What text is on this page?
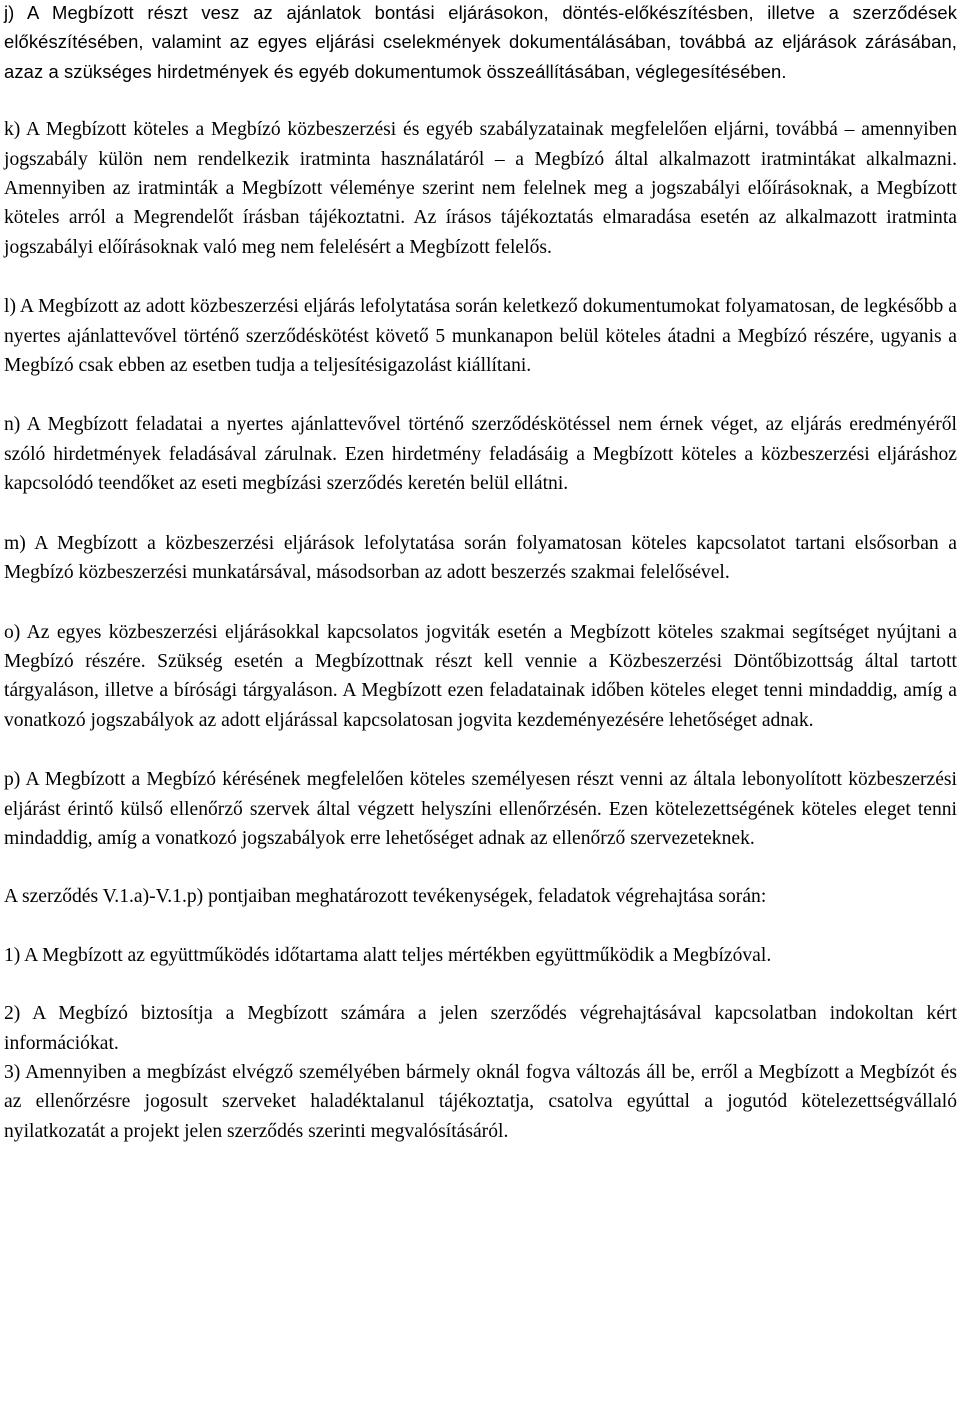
j) A Megbízott részt vesz az ajánlatok bontási eljárásokon, döntés-előkészítésben, illetve a szerződések előkészítésében, valamint az egyes eljárási cselekmények dokumentálásában, továbbá az eljárások zárásában, azaz a szükséges hirdetmények és egyéb dokumentumok összeállításában, véglegesítésében.

k) A Megbízott köteles a Megbízó közbeszerzési és egyéb szabályzatainak megfelelően eljárni, továbbá – amennyiben jogszabály külön nem rendelkezik iratminta használatáról – a Megbízó által alkalmazott iratmintákat alkalmazni. Amennyiben az iratminták a Megbízott véleménye szerint nem felelnek meg a jogszabályi előírásoknak, a Megbízott köteles arról a Megrendelőt írásban tájékoztatni. Az írásos tájékoztatás elmaradása esetén az alkalmazott iratminta jogszabályi előírásoknak való meg nem felelésért a Megbízott felelős.

l) A Megbízott az adott közbeszerzési eljárás lefolytatása során keletkező dokumentumokat folyamatosan, de legkésőbb a nyertes ajánlattevővel történő szerződéskötést követő 5 munkanapon belül köteles átadni a Megbízó részére, ugyanis a Megbízó csak ebben az esetben tudja a teljesítésigazolást kiállítani.

n) A Megbízott feladatai a nyertes ajánlattevővel történő szerződéskötéssel nem érnek véget, az eljárás eredményéről szóló hirdetmények feladásával zárulnak. Ezen hirdetmény feladásáig a Megbízott köteles a közbeszerzési eljáráshoz kapcsolódó teendőket az eseti megbízási szerződés keretén belül ellátni.

m) A Megbízott a közbeszerzési eljárások lefolytatása során folyamatosan köteles kapcsolatot tartani elsősorban a Megbízó közbeszerzési munkatársával, másodsorban az adott beszerzés szakmai felelősével.

o) Az egyes közbeszerzési eljárásokkal kapcsolatos jogviták esetén a Megbízott köteles szakmai segítséget nyújtani a Megbízó részére. Szükség esetén a Megbízottnak részt kell vennie a Közbeszerzési Döntőbizottság által tartott tárgyaláson, illetve a bírósági tárgyaláson. A Megbízott ezen feladatainak időben köteles eleget tenni mindaddig, amíg a vonatkozó jogszabályok az adott eljárással kapcsolatosan jogvita kezdeményezésére lehetőséget adnak.

p) A Megbízott a Megbízó kérésének megfelelően köteles személyesen részt venni az általa lebonyolított közbeszerzési eljárást érintő külső ellenőrző szervek által végzett helyszíni ellenőrzésén. Ezen kötelezettségének köteles eleget tenni mindaddig, amíg a vonatkozó jogszabályok erre lehetőséget adnak az ellenőrző szervezeteknek.

A szerződés V.1.a)-V.1.p) pontjaiban meghatározott tevékenységek, feladatok végrehajtása során:

1) A Megbízott az együttműködés időtartama alatt teljes mértékben együttműködik a Megbízóval.

2) A Megbízó biztosítja a Megbízott számára a jelen szerződés végrehajtásával kapcsolatban indokoltan kért információkat.

3) Amennyiben a megbízást elvégző személyében bármely oknál fogva változás áll be, erről a Megbízott a Megbízót és az ellenőrzésre jogosult szerveket haladéktalanul tájékoztatja, csatolva egyúttal a jogutód kötelezettségvállaló nyilatkozatát a projekt jelen szerződés szerinti megvalósításáról.
